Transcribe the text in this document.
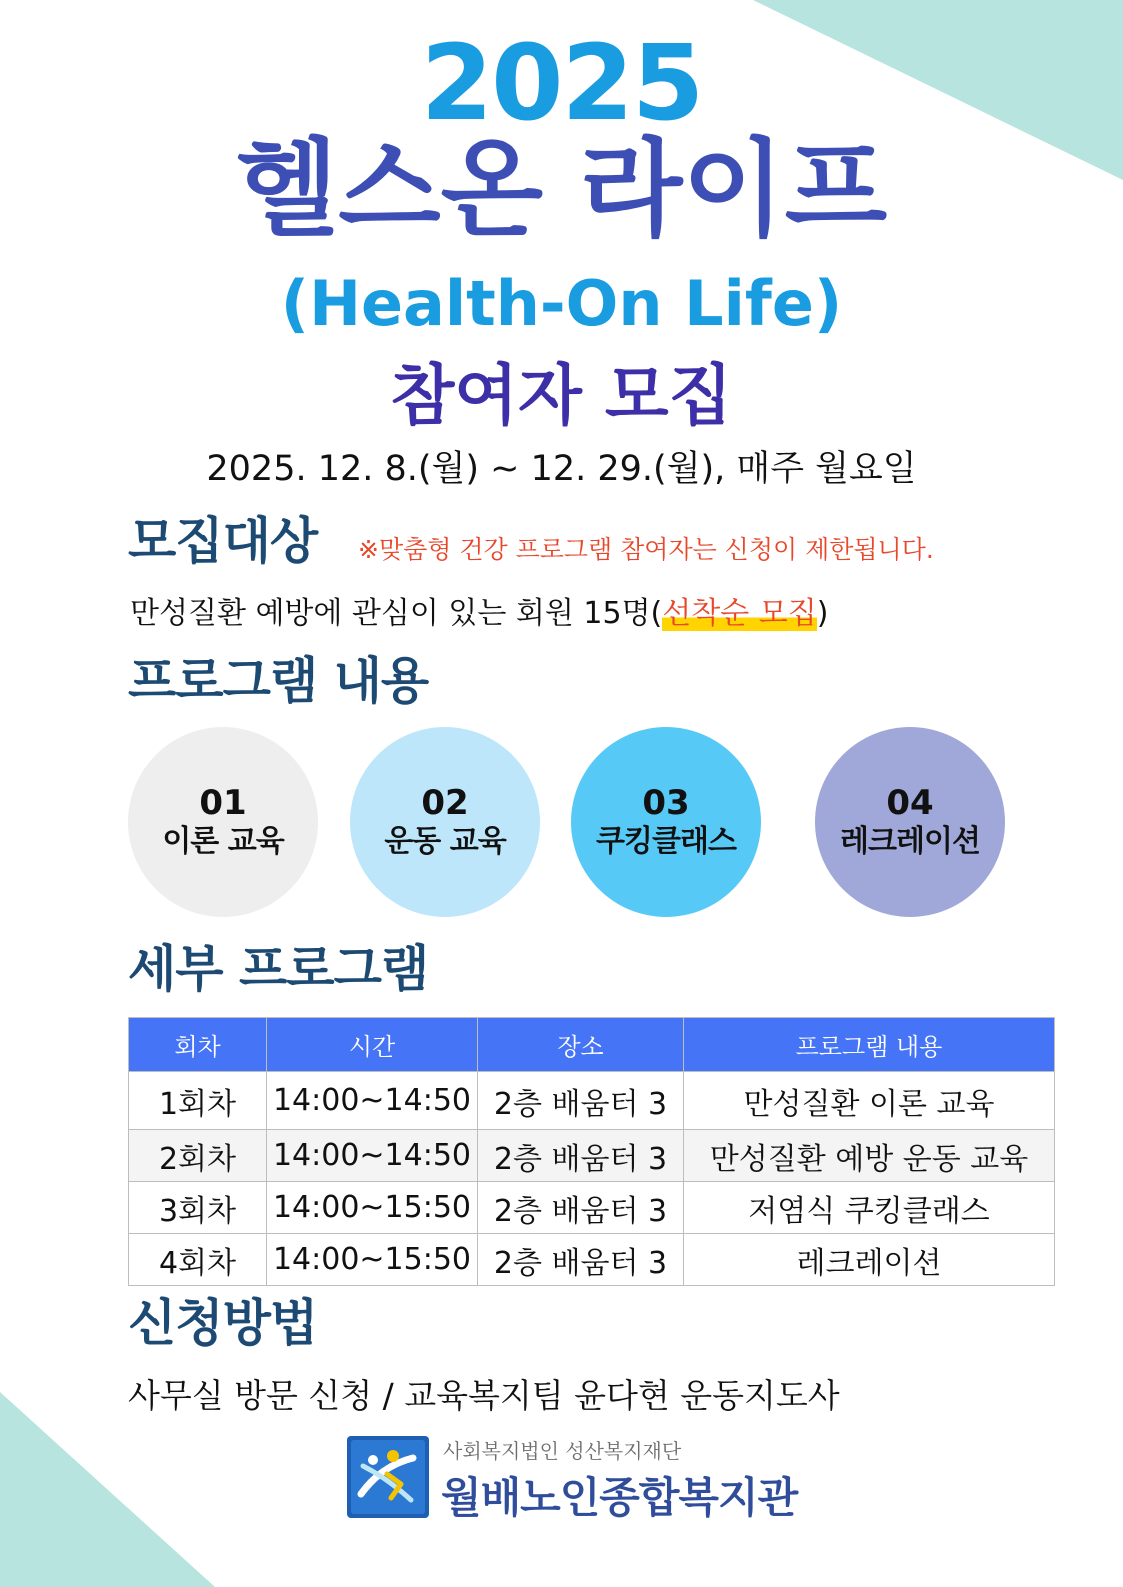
2025
헬스온 라이프
(Health-On Life)
참여자 모집
2025. 12. 8.(월) ~ 12. 29.(월), 매주 월요일
모집대상 ※맞춤형 건강 프로그램 참여자는 신청이 제한됩니다.
만성질환 예방에 관심이 있는 회원 15명(선착순 모집)
프로그램 내용
01
이론 교육
02
운동 교육
03
쿠킹클래스
04
레크레이션
세부 프로그램
회차	시간	장소	프로그램 내용
1회차	14:00~14:50	2층 배움터 3	만성질환 이론 교육
2회차	14:00~14:50	2층 배움터 3	만성질환 예방 운동 교육
3회차	14:00~15:50	2층 배움터 3	저염식 쿠킹클래스
4회차	14:00~15:50	2층 배움터 3	레크레이션
신청방법
사무실 방문 신청 / 교육복지팀 윤다현 운동지도사
사회복지법인 성산복지재단
월배노인종합복지관
